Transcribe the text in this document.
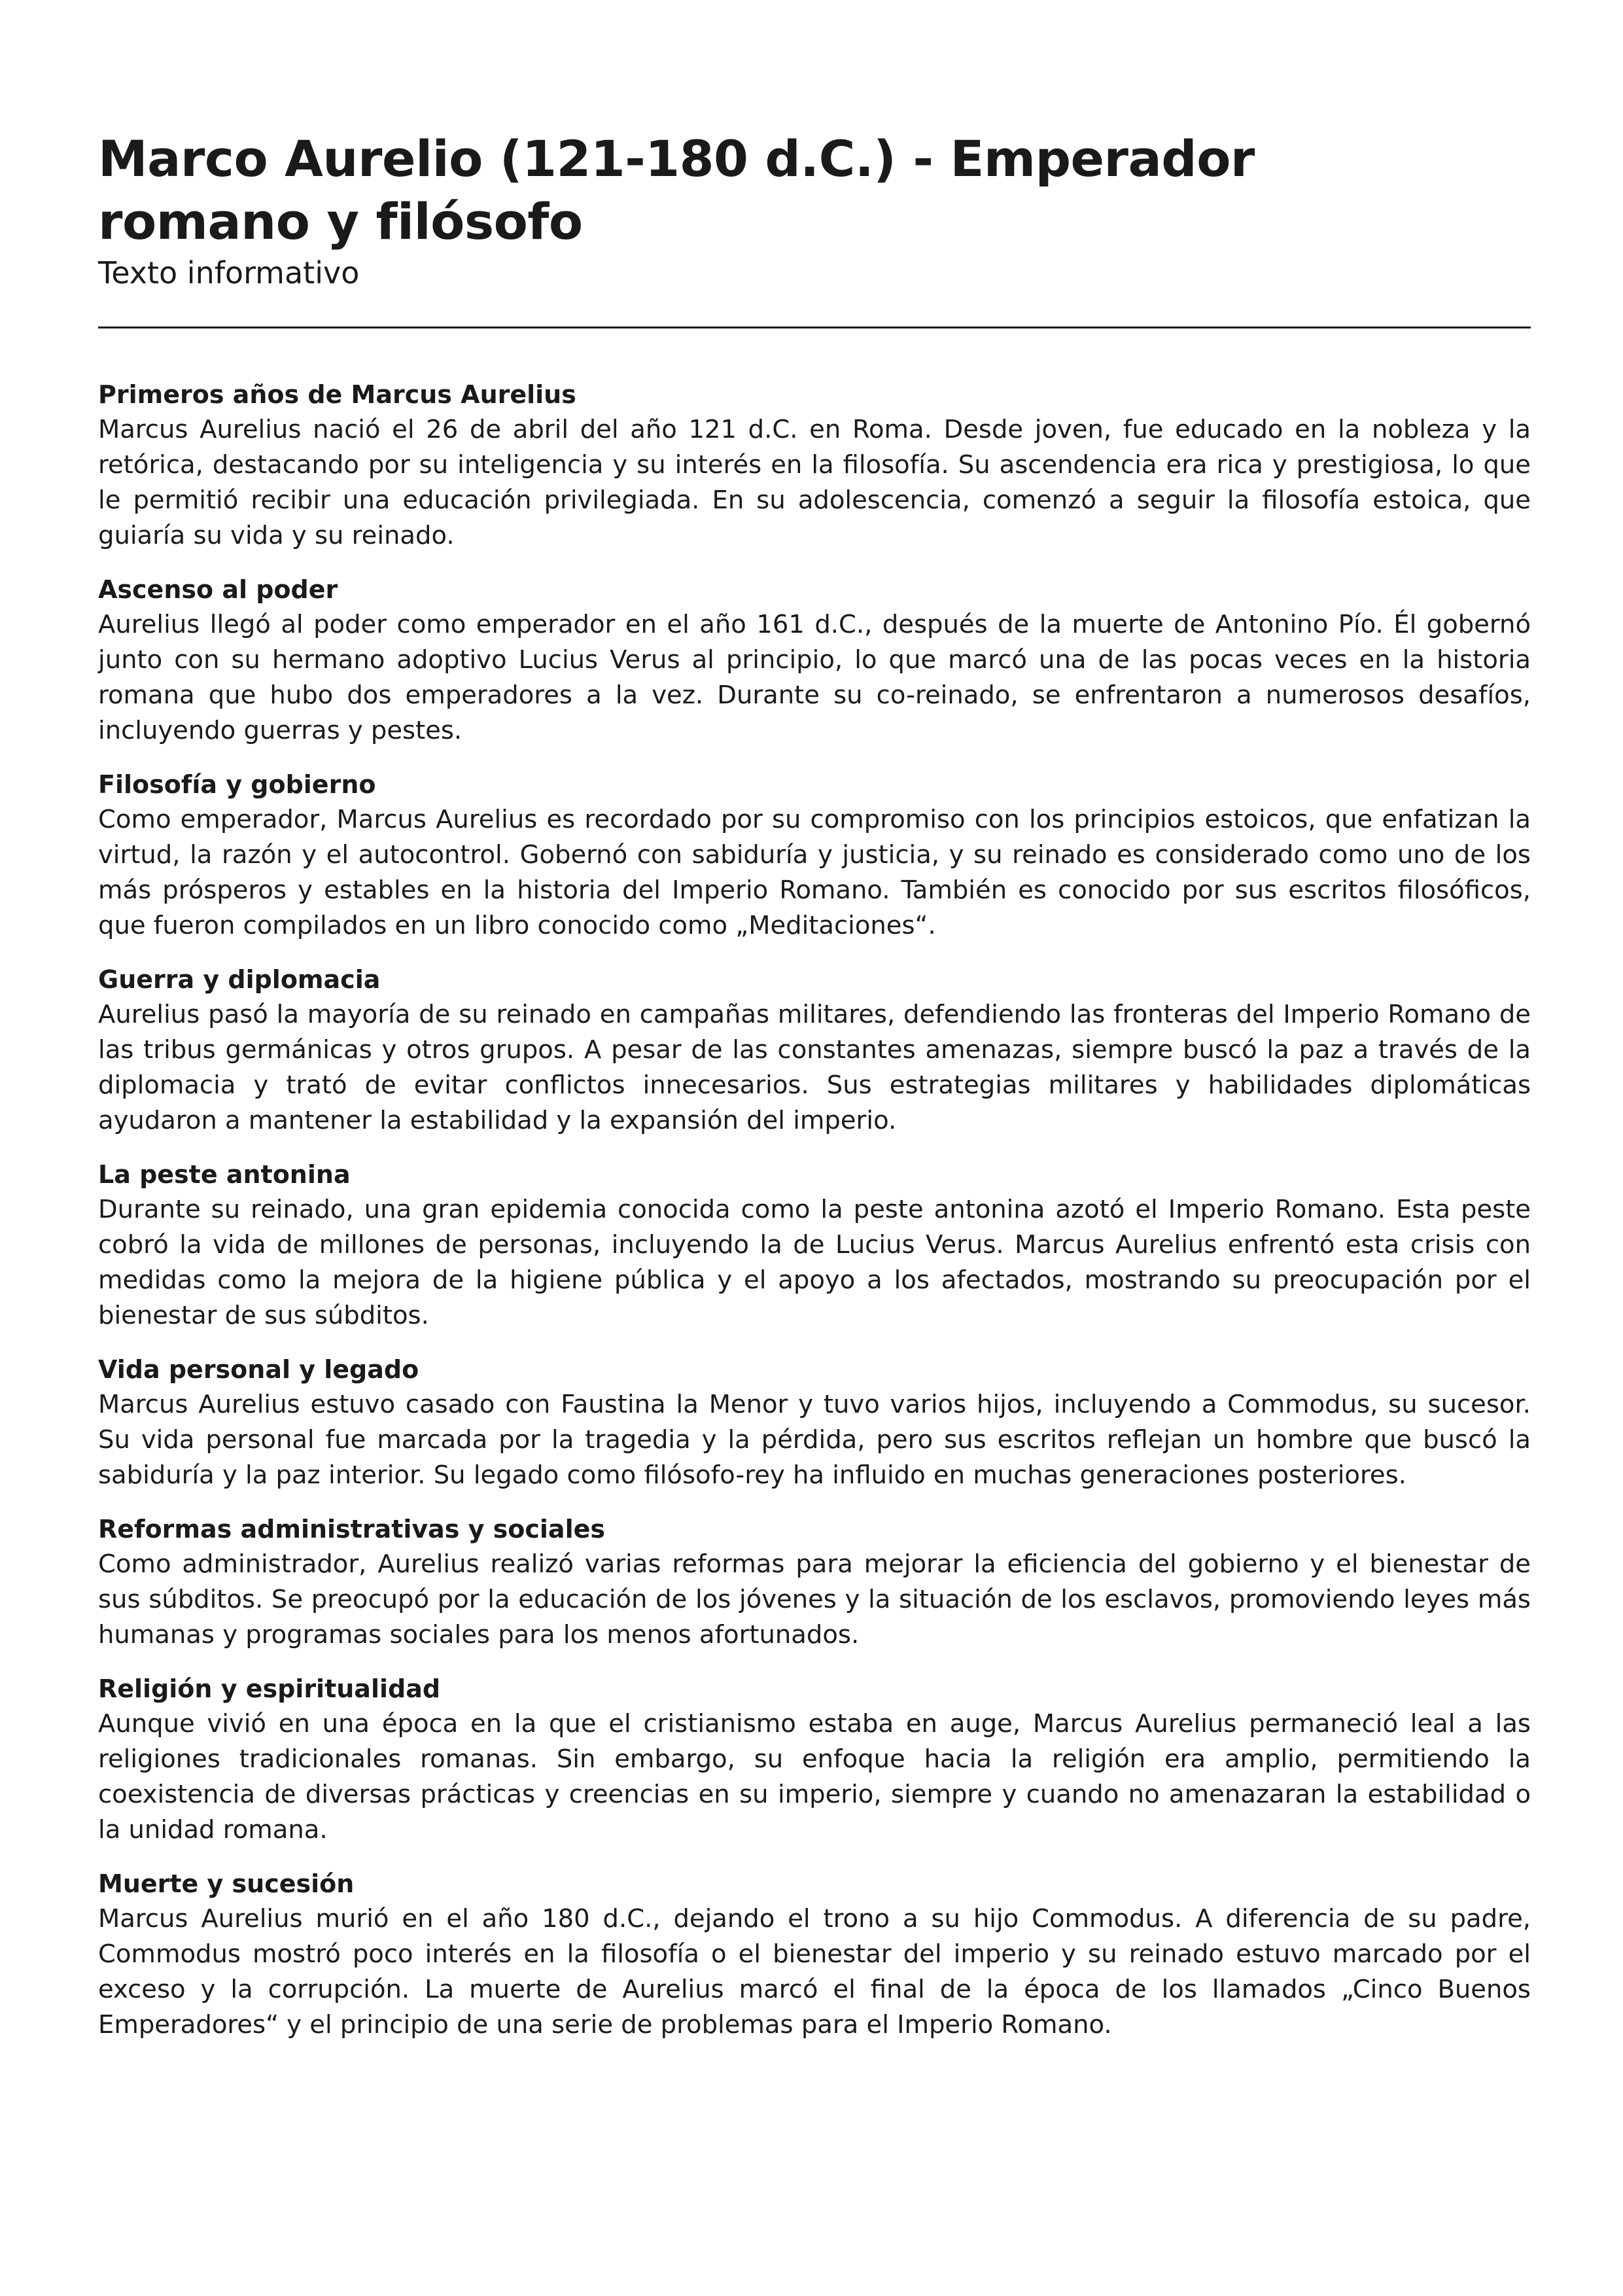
Marco Aurelio (121-180 d.C.) - Emperador romano y filósofo

Texto informativo

Primeros años de Marcus Aurelius

Marcus Aurelius nació el 26 de abril del año 121 d.C. en Roma. Desde joven, fue educado en la nobleza y la retórica, destacando por su inteligencia y su interés en la filosofía. Su ascendencia era rica y prestigiosa, lo que le permitió recibir una educación privilegiada. En su adolescencia, comenzó a seguir la filosofía estoica, que guiaría su vida y su reinado.

Ascenso al poder

Aurelius llegó al poder como emperador en el año 161 d.C., después de la muerte de Antonino Pío. Él gobernó junto con su hermano adoptivo Lucius Verus al principio, lo que marcó una de las pocas veces en la historia romana que hubo dos emperadores a la vez. Durante su co-reinado, se enfrentaron a numerosos desafíos, incluyendo guerras y pestes.

Filosofía y gobierno

Como emperador, Marcus Aurelius es recordado por su compromiso con los principios estoicos, que enfatizan la virtud, la razón y el autocontrol. Gobernó con sabiduría y justicia, y su reinado es considerado como uno de los más prósperos y estables en la historia del Imperio Romano. También es conocido por sus escritos filosóficos, que fueron compilados en un libro conocido como „Meditaciones“.

Guerra y diplomacia

Aurelius pasó la mayoría de su reinado en campañas militares, defendiendo las fronteras del Imperio Romano de las tribus germánicas y otros grupos. A pesar de las constantes amenazas, siempre buscó la paz a través de la diplomacia y trató de evitar conflictos innecesarios. Sus estrategias militares y habilidades diplomáticas ayudaron a mantener la estabilidad y la expansión del imperio.

La peste antonina

Durante su reinado, una gran epidemia conocida como la peste antonina azotó el Imperio Romano. Esta peste cobró la vida de millones de personas, incluyendo la de Lucius Verus. Marcus Aurelius enfrentó esta crisis con medidas como la mejora de la higiene pública y el apoyo a los afectados, mostrando su preocupación por el bienestar de sus súbditos.

Vida personal y legado

Marcus Aurelius estuvo casado con Faustina la Menor y tuvo varios hijos, incluyendo a Commodus, su sucesor. Su vida personal fue marcada por la tragedia y la pérdida, pero sus escritos reflejan un hombre que buscó la sabiduría y la paz interior. Su legado como filósofo-rey ha influido en muchas generaciones posteriores.

Reformas administrativas y sociales

Como administrador, Aurelius realizó varias reformas para mejorar la eficiencia del gobierno y el bienestar de sus súbditos. Se preocupó por la educación de los jóvenes y la situación de los esclavos, promoviendo leyes más humanas y programas sociales para los menos afortunados.

Religión y espiritualidad

Aunque vivió en una época en la que el cristianismo estaba en auge, Marcus Aurelius permaneció leal a las religiones tradicionales romanas. Sin embargo, su enfoque hacia la religión era amplio, permitiendo la coexistencia de diversas prácticas y creencias en su imperio, siempre y cuando no amenazaran la estabilidad o la unidad romana.

Muerte y sucesión

Marcus Aurelius murió en el año 180 d.C., dejando el trono a su hijo Commodus. A diferencia de su padre, Commodus mostró poco interés en la filosofía o el bienestar del imperio y su reinado estuvo marcado por el exceso y la corrupción. La muerte de Aurelius marcó el final de la época de los llamados „Cinco Buenos Emperadores“ y el principio de una serie de problemas para el Imperio Romano.
